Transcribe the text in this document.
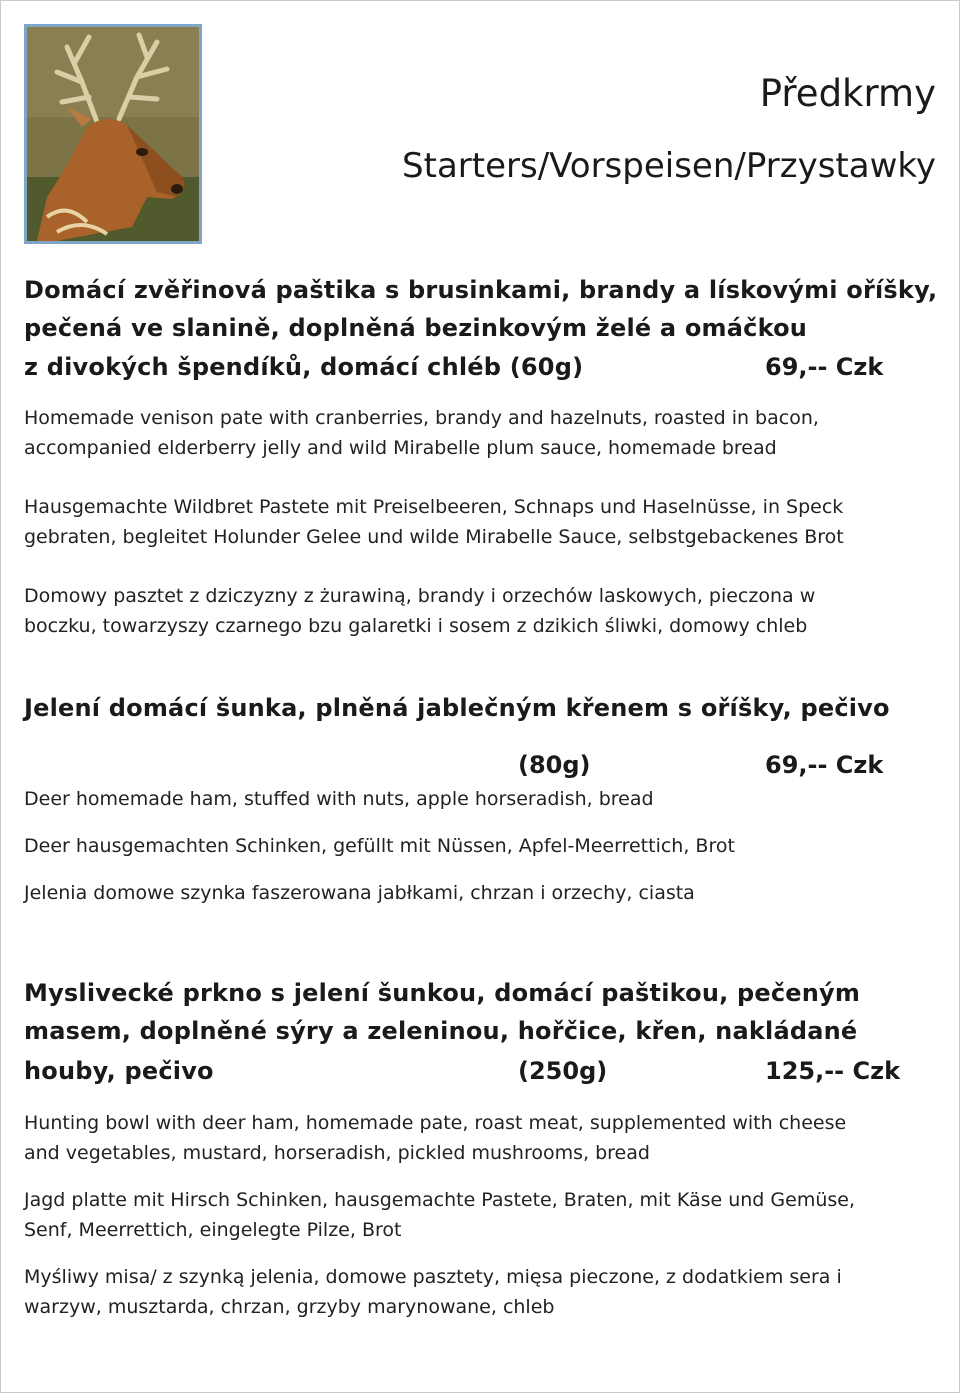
Předkrmy
Starters/Vorspeisen/Przystawky

Domácí zvěřinová paštika s brusinkami, brandy a lískovými oříšky,

pečená ve slanině, doplněná bezinkovým želé a omáčkou

z divokých špendíků, domácí chléb (60g)	69,-- Czk

Homemade venison pate with cranberries, brandy and hazelnuts, roasted in bacon,

accompanied elderberry jelly and wild Mirabelle plum sauce, homemade bread

Hausgemachte Wildbret Pastete mit Preiselbeeren, Schnaps und Haselnüsse, in Speck

gebraten, begleitet Holunder Gelee und wilde Mirabelle Sauce, selbstgebackenes Brot

Domowy pasztet z dziczyzny z żurawiną, brandy i orzechów laskowych, pieczona w

boczku, towarzyszy czarnego bzu galaretki i sosem z dzikich śliwki, domowy chleb

Jelení domácí šunka, plněná jablečným křenem s oříšky, pečivo

(80g)	69,-- Czk

Deer homemade ham, stuffed with nuts, apple horseradish, bread

Deer hausgemachten Schinken, gefüllt mit Nüssen, Apfel-Meerrettich, Brot

Jelenia domowe szynka faszerowana jabłkami, chrzan i orzechy, ciasta

Myslivecké prkno s jelení šunkou, domácí paštikou, pečeným

masem, doplněné sýry a zeleninou, hořčice, křen, nakládané

houby, pečivo	(250g)	125,-- Czk

Hunting bowl with deer ham, homemade pate, roast meat, supplemented with cheese

and vegetables, mustard, horseradish, pickled mushrooms, bread

Jagd platte mit Hirsch Schinken, hausgemachte Pastete, Braten, mit Käse und Gemüse,

Senf, Meerrettich, eingelegte Pilze, Brot

Myśliwy misa/ z szynką jelenia, domowe pasztety, mięsa pieczone, z dodatkiem sera i

warzyw, musztarda, chrzan, grzyby marynowane, chleb
